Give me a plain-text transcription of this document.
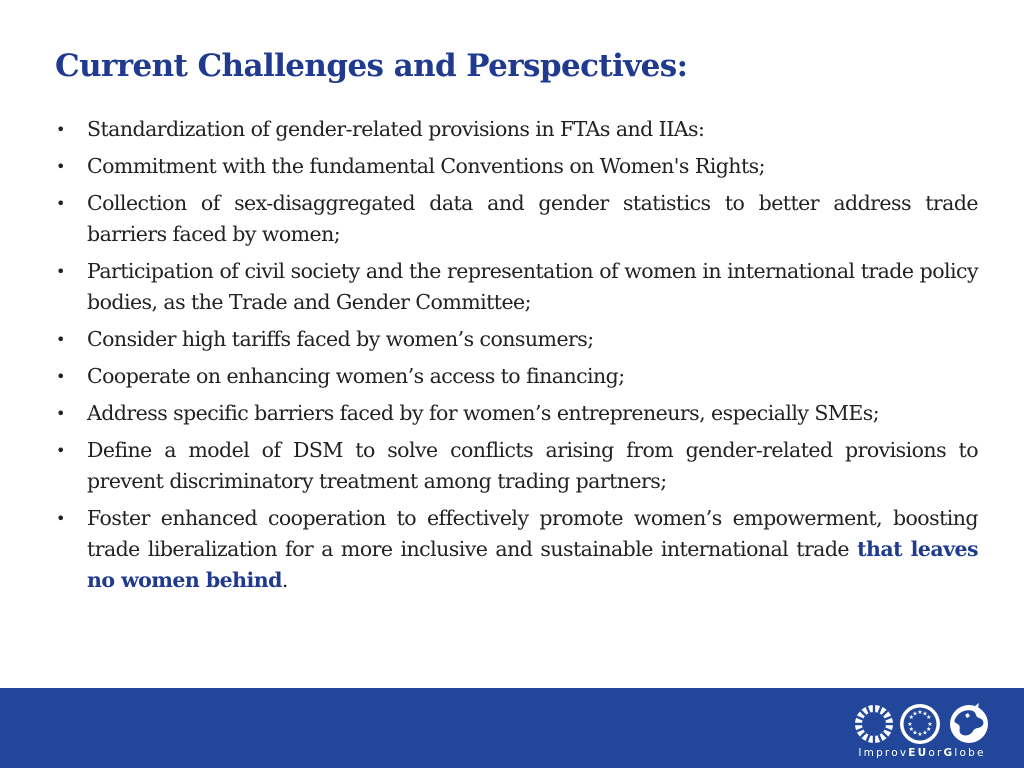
Current Challenges and Perspectives:
• Standardization of gender-related provisions in FTAs and IIAs:
• Commitment with the fundamental Conventions on Women's Rights;
• Collection of sex-disaggregated data and gender statistics to better address trade barriers faced by women;
• Participation of civil society and the representation of women in international trade policy bodies, as the Trade and Gender Committee;
• Consider high tariffs faced by women’s consumers;
• Cooperate on enhancing women’s access to financing;
• Address specific barriers faced by for women’s entrepreneurs, especially SMEs;
• Define a model of DSM to solve conflicts arising from gender-related provisions to prevent discriminatory treatment among trading partners;
• Foster enhanced cooperation to effectively promote women’s empowerment, boosting trade liberalization for a more inclusive and sustainable international trade that leaves no women behind.
★ ★
★
★
★
★
★
★
★
★
★
★
ImprovEUorGlobe
